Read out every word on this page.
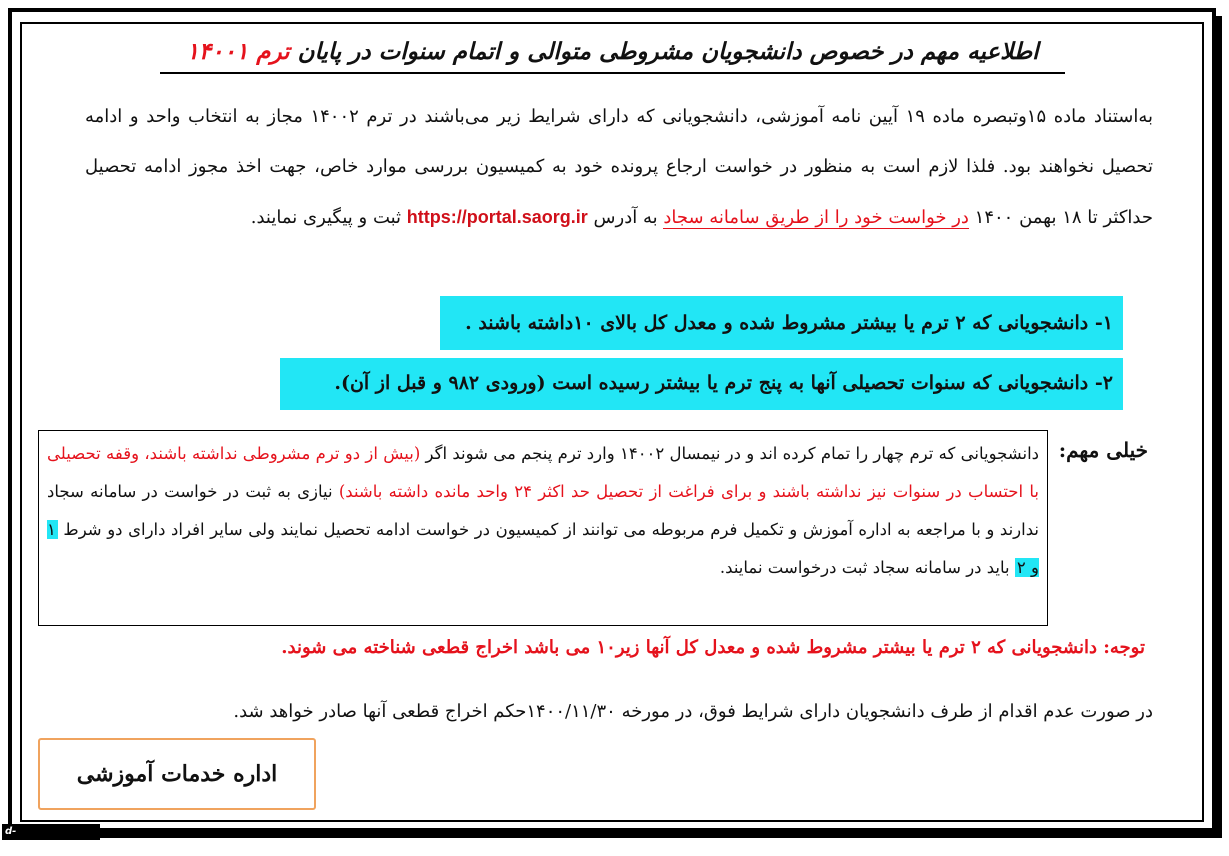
اطلاعیه مهم در خصوص دانشجویان مشروطی متوالی و اتمام سنوات در پایان ترم ۱۴۰۰۱
به‌استناد ماده ۱۵وتبصره ماده ۱۹ آیین نامه آموزشی، دانشجویانی که دارای شرایط زیر می‌باشند در ترم ۱۴۰۰۲ مجاز به انتخاب واحد و ادامه تحصیل نخواهند بود. فلذا لازم است به منظور در خواست ارجاع پرونده خود به کمیسیون بررسی موارد خاص، جهت اخذ مجوز ادامه تحصیل حداکثر تا ۱۸ بهمن ۱۴۰۰ در خواست خود را از طریق سامانه سجاد به آدرس https://portal.saorg.ir ثبت و پیگیری نمایند.
۱- دانشجویانی که ۲ ترم یا بیشتر مشروط شده و معدل کل بالای ۱۰داشته باشند .
۲- دانشجویانی که سنوات تحصیلی آنها به پنج ترم یا بیشتر رسیده است (ورودی ۹۸۲ و قبل از آن).
خیلی مهم:
دانشجویانی که ترم چهار را تمام کرده اند و در نیمسال ۱۴۰۰۲ وارد ترم پنجم می شوند اگر (بیش از دو ترم مشروطی نداشته باشند، وقفه تحصیلی با احتساب در سنوات نیز نداشته باشند و برای فراغت از تحصیل حد اکثر ۲۴ واحد مانده داشته باشند) نیازی به ثبت در خواست در سامانه سجاد ندارند و با مراجعه به اداره آموزش و تکمیل فرم مربوطه می توانند از کمیسیون در خواست ادامه تحصیل نمایند ولی سایر افراد دارای دو شرط ۱ و ۲ باید در سامانه سجاد ثبت درخواست نمایند.
توجه: دانشجویانی که ۲ ترم یا بیشتر مشروط شده و معدل کل آنها زیر۱۰ می باشد اخراج قطعی شناخته می شوند.
در صورت عدم اقدام از طرف دانشجویان دارای شرایط فوق، در مورخه ۱۴۰۰/۱۱/۳۰حکم اخراج قطعی آنها صادر خواهد شد.
اداره خدمات آموزشی
d-tabriz.nus.ac.ir
